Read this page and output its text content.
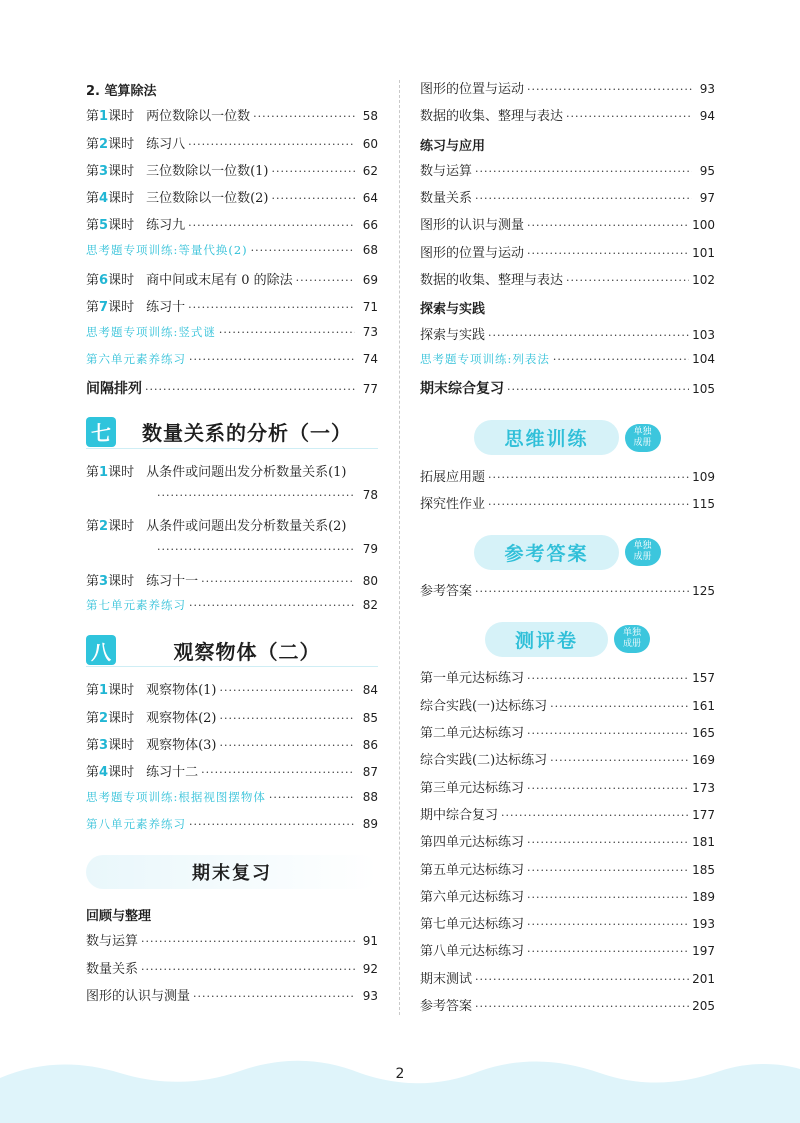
2. 笔算除法
第 1 课时 两位数除以一位数 ·····	58
第 2 课时 练习八 ·····	60
第 3 课时 三位数除以一位数(1) ·····	62
第 4 课时 三位数除以一位数(2) ·····	64
第 5 课时 练习九 ·····	66
思考题专项训练:等量代换(2) ·····	68
第 6 课时 商中间或末尾有 0 的除法 ·····	69
第 7 课时 练习十 ·····	71
思考题专项训练:竖式谜 ·····	73
第六单元素养练习 ·····	74
间隔排列 ·····	77
七	数量关系的分析（一）
第 1 课时 从条件或问题出发分析数量关系(1)
·····
78
第 2 课时 从条件或问题出发分析数量关系(2)
·····
79
第 3 课时 练习十一 ·····	80
第七单元素养练习 ·····	82
八	观察物体（二）
第 1 课时 观察物体(1) ·····	84
第 2 课时 观察物体(2) ·····	85
第 3 课时 观察物体(3) ·····	86
第 4 课时 练习十二 ·····	87
思考题专项训练:根据视图摆物体 ·····	88
第八单元素养练习 ·····	89
期末复习
回顾与整理
数与运算 ·····	91
数量关系 ·····	92
图形的认识与测量 ·····	93
图形的位置与运动 ·····	93
数据的收集、整理与表达 ·····	94
练习与应用
数与运算 ·····	95
数量关系 ·····	97
图形的认识与测量 ·····	100
图形的位置与运动 ·····	101
数据的收集、整理与表达 ·····	102
探索与实践
探索与实践 ·····	103
思考题专项训练:列表法 ·····	104
期末综合复习 ·····	105
思维训练	单独
成册
拓展应用题 ·····	109
探究性作业 ·····	115
参考答案	单独
成册
参考答案 ·····	125
测评卷	单独
成册
第一单元达标练习 ·····	157
综合实践(一)达标练习 ·····	161
第二单元达标练习 ·····	165
综合实践(二)达标练习 ·····	169
第三单元达标练习 ·····	173
期中综合复习 ·····	177
第四单元达标练习 ·····	181
第五单元达标练习 ·····	185
第六单元达标练习 ·····	189
第七单元达标练习 ·····	193
第八单元达标练习 ·····	197
期末测试 ·····	201
参考答案 ·····	205
2
